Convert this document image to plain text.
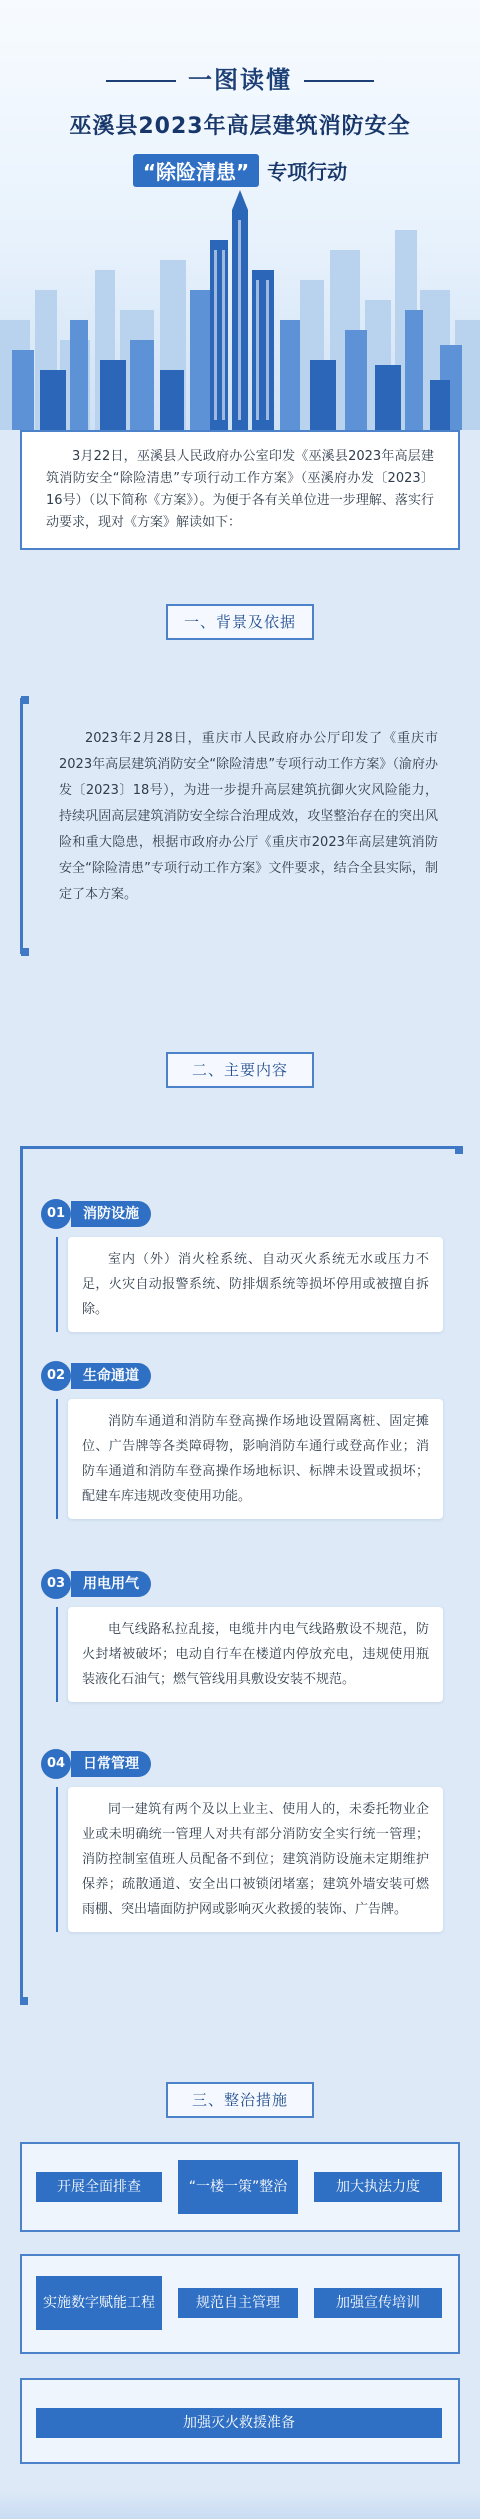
一图读懂
巫溪县2023年高层建筑消防安全
“除险清患” 专项行动

3月22日，巫溪县人民政府办公室印发《巫溪县2023年高层建筑消防安全“除险清患”专项行动工作方案》（巫溪府办发〔2023〕16号）（以下简称《方案》）。为便于各有关单位进一步理解、落实行动要求，现对《方案》解读如下：

一、背景及依据

2023年2月28日，重庆市人民政府办公厅印发了《重庆市2023年高层建筑消防安全“除险清患”专项行动工作方案》（渝府办发〔2023〕18号），为进一步提升高层建筑抗御火灾风险能力，持续巩固高层建筑消防安全综合治理成效，攻坚整治存在的突出风险和重大隐患，根据市政府办公厅《重庆市2023年高层建筑消防安全“除险清患”专项行动工作方案》文件要求，结合全县实际，制定了本方案。

二、主要内容
01	消防设施

室内（外）消火栓系统、自动灭火系统无水或压力不足，火灾自动报警系统、防排烟系统等损坏停用或被擅自拆除。

02	生命通道

消防车通道和消防车登高操作场地设置隔离桩、固定摊位、广告牌等各类障碍物，影响消防车通行或登高作业；消防车通道和消防车登高操作场地标识、标牌未设置或损坏；配建车库违规改变使用功能。

03	用电用气

电气线路私拉乱接，电缆井内电气线路敷设不规范，防火封堵被破坏；电动自行车在楼道内停放充电，违规使用瓶装液化石油气；燃气管线用具敷设安装不规范。

04	日常管理

同一建筑有两个及以上业主、使用人的，未委托物业企业或未明确统一管理人对共有部分消防安全实行统一管理；消防控制室值班人员配备不到位；建筑消防设施未定期维护保养；疏散通道、安全出口被锁闭堵塞；建筑外墙安装可燃雨棚、突出墙面防护网或影响灭火救援的装饰、广告牌。

三、整治措施
开展全面排查	“一楼一策”整治	加大执法力度
实施数字赋能工程	规范自主管理	加强宣传培训
加强灭火救援准备
